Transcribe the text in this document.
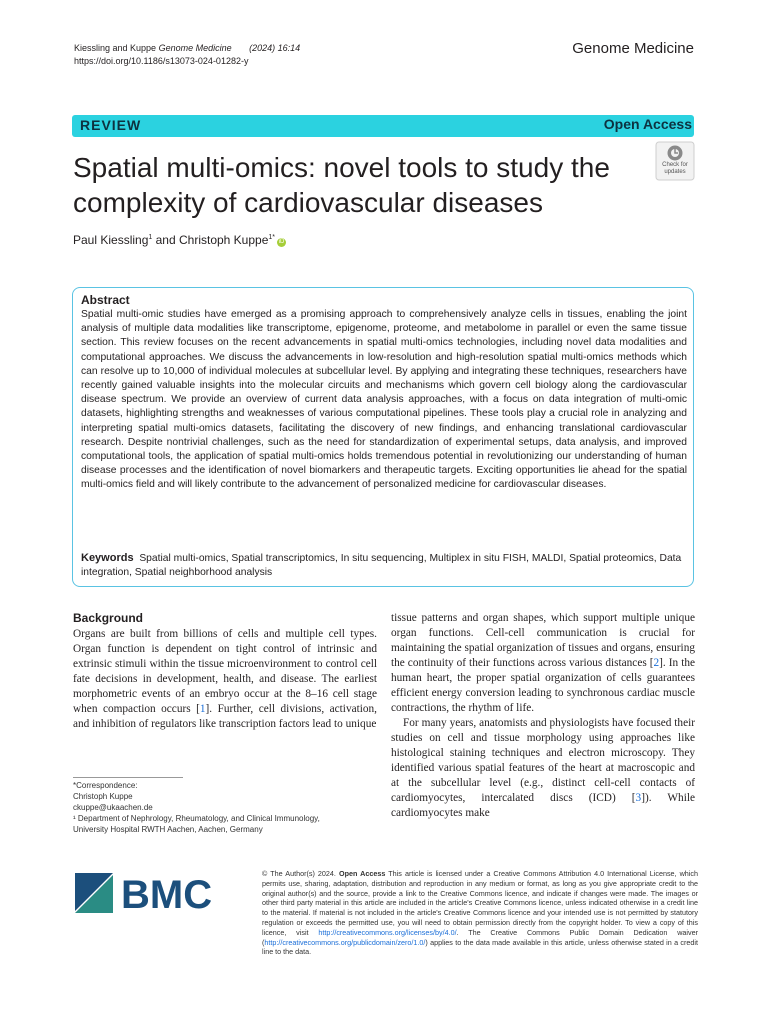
Kiessling and Kuppe Genome Medicine (2024) 16:14
https://doi.org/10.1186/s13073-024-01282-y
Genome Medicine
REVIEW	Open Access
Spatial multi-omics: novel tools to study the complexity of cardiovascular diseases
Check for updates
Paul Kiessling$^1$ and Christoph Kuppe$^{1*}$iD
Abstract
Spatial multi-omic studies have emerged as a promising approach to comprehensively analyze cells in tissues, enabling the joint analysis of multiple data modalities like transcriptome, epigenome, proteome, and metabolome in parallel or even the same tissue section. This review focuses on the recent advancements in spatial multi-omics technologies, including novel data modalities and computational approaches. We discuss the advancements in low-resolution and high-resolution spatial multi-omics methods which can resolve up to 10,000 of individual molecules at subcellular level. By applying and integrating these techniques, researchers have recently gained valuable insights into the molecular circuits and mechanisms which govern cell biology along the cardiovascular disease spectrum. We provide an overview of current data analysis approaches, with a focus on data integration of multi-omic datasets, highlighting strengths and weaknesses of various computational pipelines. These tools play a crucial role in analyzing and interpreting spatial multi-omics datasets, facilitating the discovery of new findings, and enhancing translational cardiovascular research. Despite nontrivial challenges, such as the need for standardization of experimental setups, data analysis, and improved computational tools, the application of spatial multi-omics holds tremendous potential in revolutionizing our understanding of human disease processes and the identification of novel biomarkers and therapeutic targets. Exciting opportunities lie ahead for the spatial multi-omics field and will likely contribute to the advancement of personalized medicine for cardiovascular diseases.
Keywords Spatial multi-omics, Spatial transcriptomics, In situ sequencing, Multiplex in situ FISH, MALDI, Spatial proteomics, Data integration, Spatial neighborhood analysis
Background
Organs are built from billions of cells and multiple cell types. Organ function is dependent on tight control of intrinsic and extrinsic stimuli within the tissue microenvironment to control cell fate decisions in development, health, and disease. The earliest morphometric events of an embryo occur at the 8–16 cell stage when compaction occurs [1]. Further, cell divisions, activation, and inhibition of regulators like transcription factors lead to unique

tissue patterns and organ shapes, which support multiple unique organ functions. Cell-cell communication is crucial for maintaining the spatial organization of tissues and organs, ensuring the continuity of their functions across various distances [2]. In the human heart, the proper spatial organization of cells guarantees efficient energy conversion leading to synchronous cardiac muscle contractions, the rhythm of life.

For many years, anatomists and physiologists have focused their studies on cell and tissue morphology using approaches like histological staining techniques and electron microscopy. They identified various spatial features of the heart at macroscopic and at the subcellular level (e.g., distinct cell-cell contacts of cardiomyocytes, intercalated discs (ICD) [3]). While cardiomyocytes make

*Correspondence:
Christoph Kuppe
ckuppe@ukaachen.de
¹ Department of Nephrology, Rheumatology, and Clinical Immunology,
University Hospital RWTH Aachen, Aachen, Germany
BMC	© The Author(s) 2024. Open Access This article is licensed under a Creative Commons Attribution 4.0 International License, which permits use, sharing, adaptation, distribution and reproduction in any medium or format, as long as you give appropriate credit to the original author(s) and the source, provide a link to the Creative Commons licence, and indicate if changes were made. The images or other third party material in this article are included in the article's Creative Commons licence, unless indicated otherwise in a credit line to the material. If material is not included in the article's Creative Commons licence and your intended use is not permitted by statutory regulation or exceeds the permitted use, you will need to obtain permission directly from the copyright holder. To view a copy of this licence, visit http://creativecommons.org/licenses/by/4.0/. The Creative Commons Public Domain Dedication waiver (http://creativecommons.org/publicdomain/zero/1.0/) applies to the data made available in this article, unless otherwise stated in a credit line to the data.
